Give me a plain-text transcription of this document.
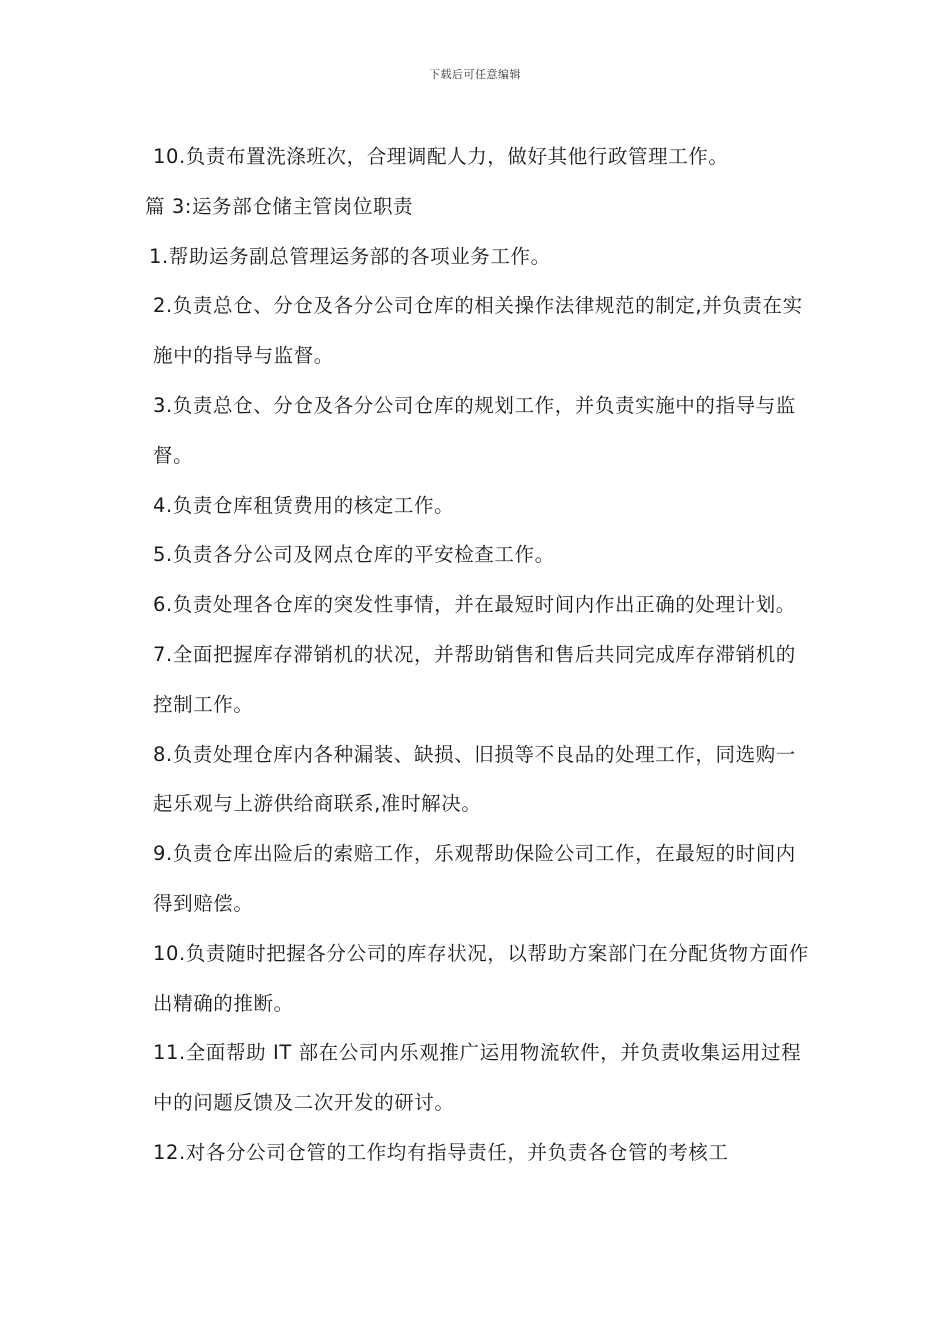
下载后可任意编辑

10.负责布置洗涤班次，合理调配人力，做好其他行政管理工作。

篇 3:运务部仓储主管岗位职责

1.帮助运务副总管理运务部的各项业务工作。

2.负责总仓、分仓及各分公司仓库的相关操作法律规范的制定,并负责在实施中的指导与监督。

3.负责总仓、分仓及各分公司仓库的规划工作，并负责实施中的指导与监督。

4.负责仓库租赁费用的核定工作。

5.负责各分公司及网点仓库的平安检查工作。

6.负责处理各仓库的突发性事情，并在最短时间内作出正确的处理计划。

7.全面把握库存滞销机的状况，并帮助销售和售后共同完成库存滞销机的控制工作。

8.负责处理仓库内各种漏装、缺损、旧损等不良品的处理工作，同选购一起乐观与上游供给商联系,准时解决。

9.负责仓库出险后的索赔工作，乐观帮助保险公司工作，在最短的时间内得到赔偿。

10.负责随时把握各分公司的库存状况，以帮助方案部门在分配货物方面作出精确的推断。

11.全面帮助 IT 部在公司内乐观推广运用物流软件，并负责收集运用过程中的问题反馈及二次开发的研讨。

12.对各分公司仓管的工作均有指导责任，并负责各仓管的考核工
